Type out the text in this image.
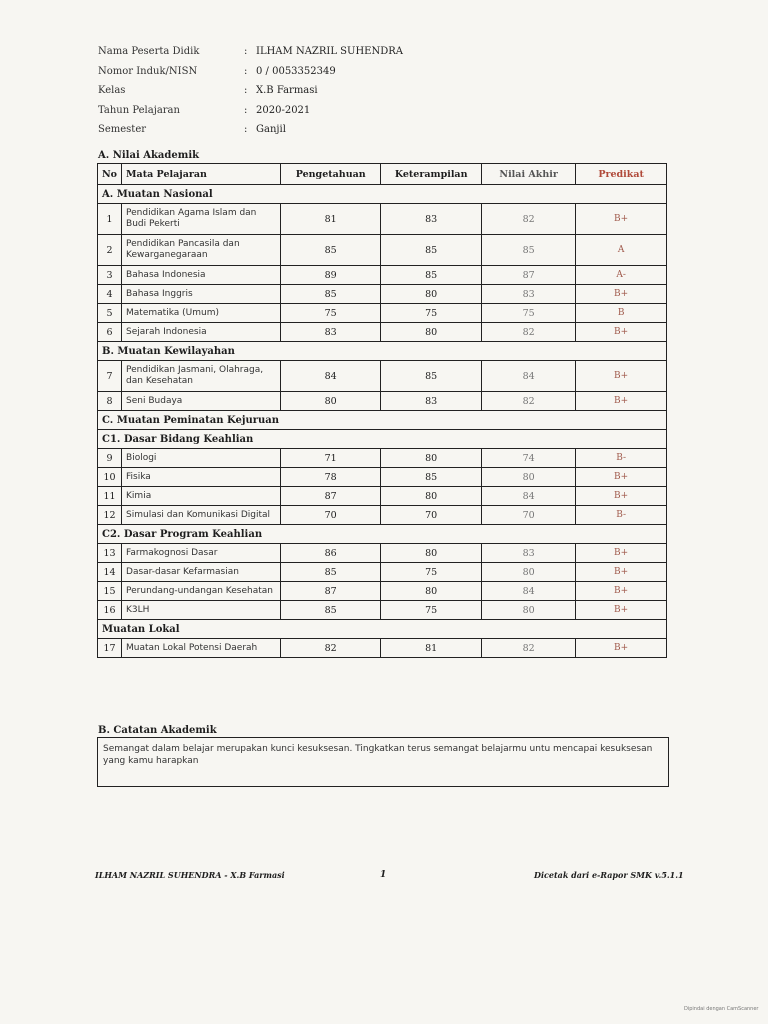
Nama Peserta Didik	: ILHAM NAZRIL SUHENDRA
Nomor Induk/NISN	: 0 / 0053352349
Kelas	: X.B Farmasi
Tahun Pelajaran	: 2020-2021
Semester	: Ganjil
A. Nilai Akademik
No	Mata Pelajaran	Pengetahuan	Keterampilan	Nilai Akhir	Predikat
A. Muatan Nasional					
1	Pendidikan Agama Islam dan Budi Pekerti	81	83	82	B+
2	Pendidikan Pancasila dan Kewarganegaraan	85	85	85	A
3	Bahasa Indonesia	89	85	87	A-
4	Bahasa Inggris	85	80	83	B+
5	Matematika (Umum)	75	75	75	B
6	Sejarah Indonesia	83	80	82	B+
B. Muatan Kewilayahan					
7	Pendidikan Jasmani, Olahraga, dan Kesehatan	84	85	84	B+
8	Seni Budaya	80	83	82	B+
C. Muatan Peminatan Kejuruan					
C1. Dasar Bidang Keahlian					
9	Biologi	71	80	74	B-
10	Fisika	78	85	80	B+
11	Kimia	87	80	84	B+
12	Simulasi dan Komunikasi Digital	70	70	70	B-
C2. Dasar Program Keahlian					
13	Farmakognosi Dasar	86	80	83	B+
14	Dasar-dasar Kefarmasian	85	75	80	B+
15	Perundang-undangan Kesehatan	87	80	84	B+
16	K3LH	85	75	80	B+
Muatan Lokal					
17	Muatan Lokal Potensi Daerah	82	81	82	B+
B. Catatan Akademik
Semangat dalam belajar merupakan kunci kesuksesan. Tingkatkan terus semangat belajarmu untu mencapai kesuksesan yang kamu harapkan
ILHAM NAZRIL SUHENDRA - X.B Farmasi	1	Dicetak dari e-Rapor SMK v.5.1.1
Dipindai dengan CamScanner
